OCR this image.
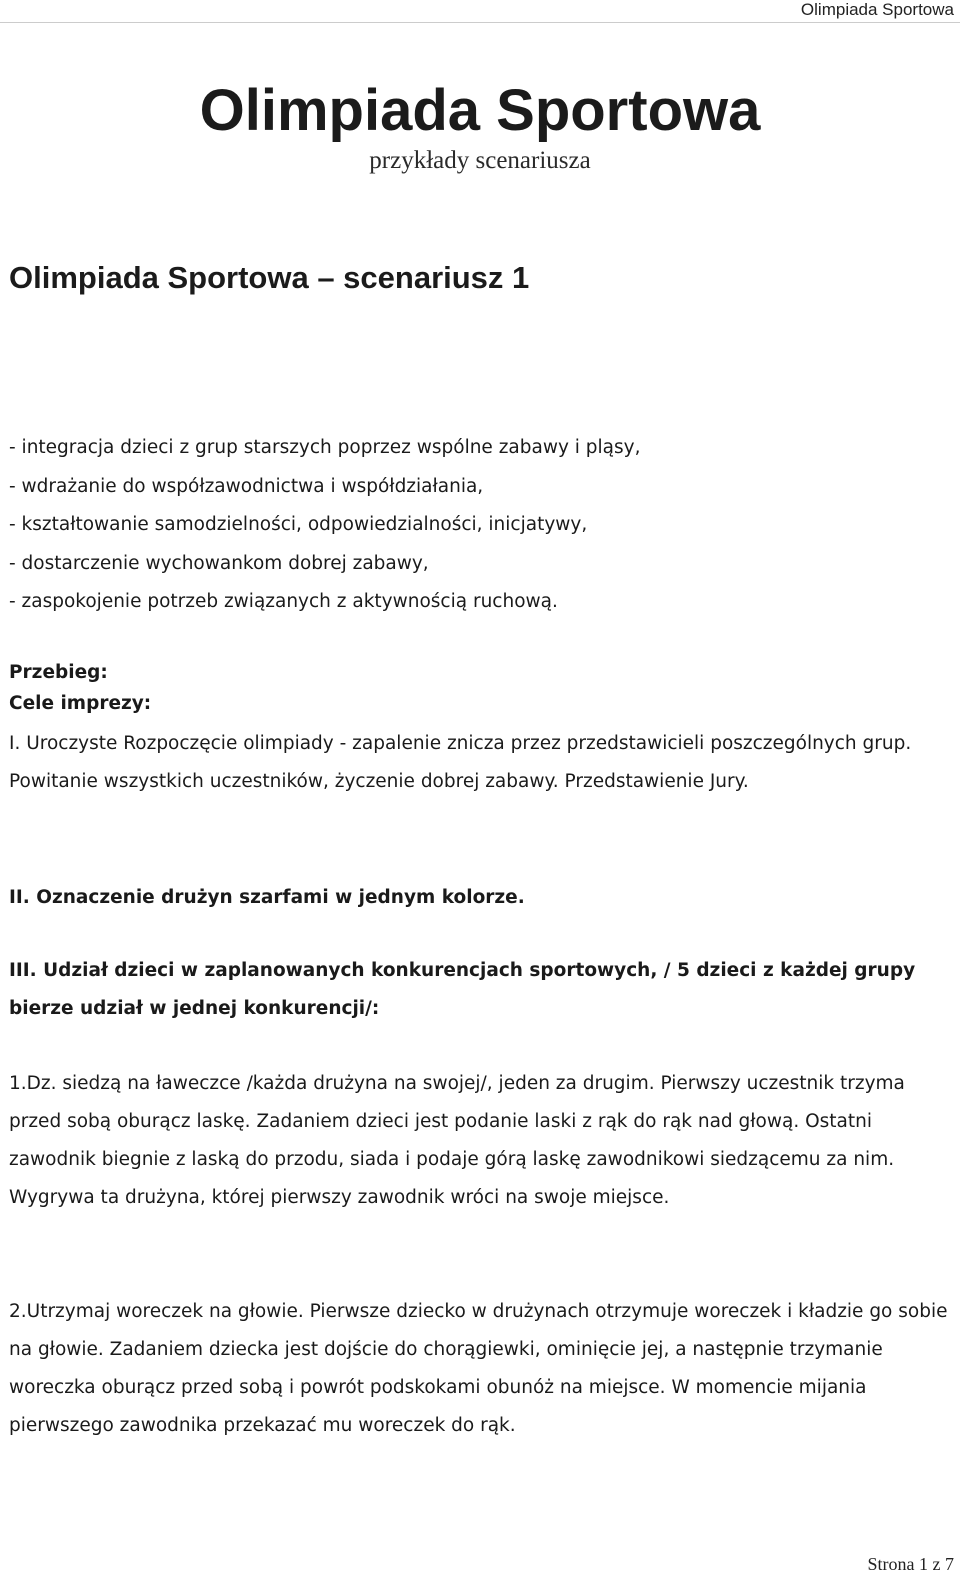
Olimpiada Sportowa
Olimpiada Sportowa
przykłady scenariusza
Olimpiada Sportowa – scenariusz 1
Cele imprezy:
- integracja dzieci z grup starszych poprzez wspólne zabawy i pląsy,
- wdrażanie do współzawodnictwa i współdziałania,
- kształtowanie samodzielności, odpowiedzialności, inicjatywy,
- dostarczenie wychowankom dobrej zabawy,
- zaspokojenie potrzeb związanych z aktywnością ruchową.
Przebieg:
I. Uroczyste Rozpoczęcie olimpiady - zapalenie znicza przez przedstawicieli poszczególnych grup. Powitanie wszystkich uczestników, życzenie dobrej zabawy. Przedstawienie Jury.
II. Oznaczenie drużyn szarfami w jednym kolorze.
III. Udział dzieci w zaplanowanych konkurencjach sportowych, / 5 dzieci z każdej grupy bierze udział w jednej konkurencji/:
1.Dz. siedzą na ławeczce /każda drużyna na swojej/, jeden za drugim. Pierwszy uczestnik trzyma przed sobą oburącz laskę. Zadaniem dzieci jest podanie laski z rąk do rąk nad głową. Ostatni zawodnik biegnie z laską do przodu, siada i podaje górą laskę zawodnikowi siedzącemu za nim. Wygrywa ta drużyna, której pierwszy zawodnik wróci na swoje miejsce.
2.Utrzymaj woreczek na głowie. Pierwsze dziecko w drużynach otrzymuje woreczek i kładzie go sobie na głowie. Zadaniem dziecka jest dojście do chorągiewki, ominięcie jej, a następnie trzymanie woreczka oburącz przed sobą i powrót podskokami obunóż na miejsce. W momencie mijania pierwszego zawodnika przekazać mu woreczek do rąk.
Strona 1 z 7
